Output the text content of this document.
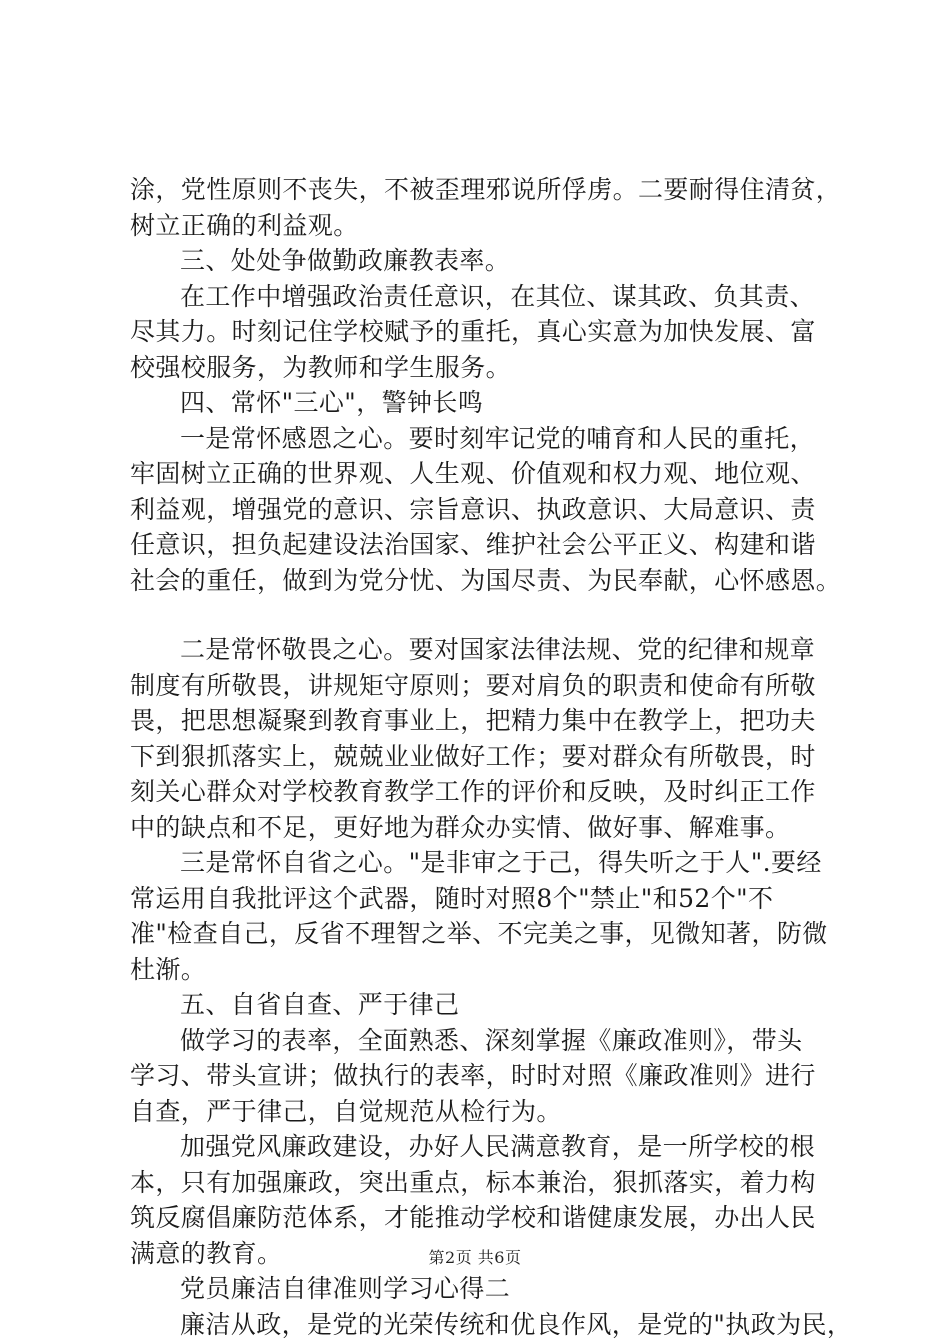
涂，党性原则不丧失，不被歪理邪说所俘虏。二要耐得住清贫，
树立正确的利益观。
三、处处争做勤政廉教表率。
在工作中增强政治责任意识，在其位、谋其政、负其责、
尽其力。时刻记住学校赋予的重托，真心实意为加快发展、富
校强校服务，为教师和学生服务。
四、常怀"三心"，警钟长鸣
一是常怀感恩之心。要时刻牢记党的哺育和人民的重托，
牢固树立正确的世界观、人生观、价值观和权力观、地位观、
利益观，增强党的意识、宗旨意识、执政意识、大局意识、责
任意识，担负起建设法治国家、维护社会公平正义、构建和谐
社会的重任，做到为党分忧、为国尽责、为民奉献，心怀感恩。
二是常怀敬畏之心。要对国家法律法规、党的纪律和规章
制度有所敬畏，讲规矩守原则；要对肩负的职责和使命有所敬
畏，把思想凝聚到教育事业上，把精力集中在教学上，把功夫
下到狠抓落实上，兢兢业业做好工作；要对群众有所敬畏，时
刻关心群众对学校教育教学工作的评价和反映，及时纠正工作
中的缺点和不足，更好地为群众办实情、做好事、解难事。
三是常怀自省之心。"是非审之于己，得失听之于人".要经
常运用自我批评这个武器，随时对照8个"禁止"和52个"不
准"检查自己，反省不理智之举、不完美之事，见微知著，防微
杜渐。
五、自省自查、严于律己
做学习的表率，全面熟悉、深刻掌握《廉政准则》，带头
学习、带头宣讲；做执行的表率，时时对照《廉政准则》进行
自查，严于律己，自觉规范从检行为。
加强党风廉政建设，办好人民满意教育，是一所学校的根
本，只有加强廉政，突出重点，标本兼治，狠抓落实，着力构
筑反腐倡廉防范体系，才能推动学校和谐健康发展，办出人民
满意的教育。
党员廉洁自律准则学习心得二
廉洁从政，是党的光荣传统和优良作风，是党的"执政为民，
第2页 共6页
